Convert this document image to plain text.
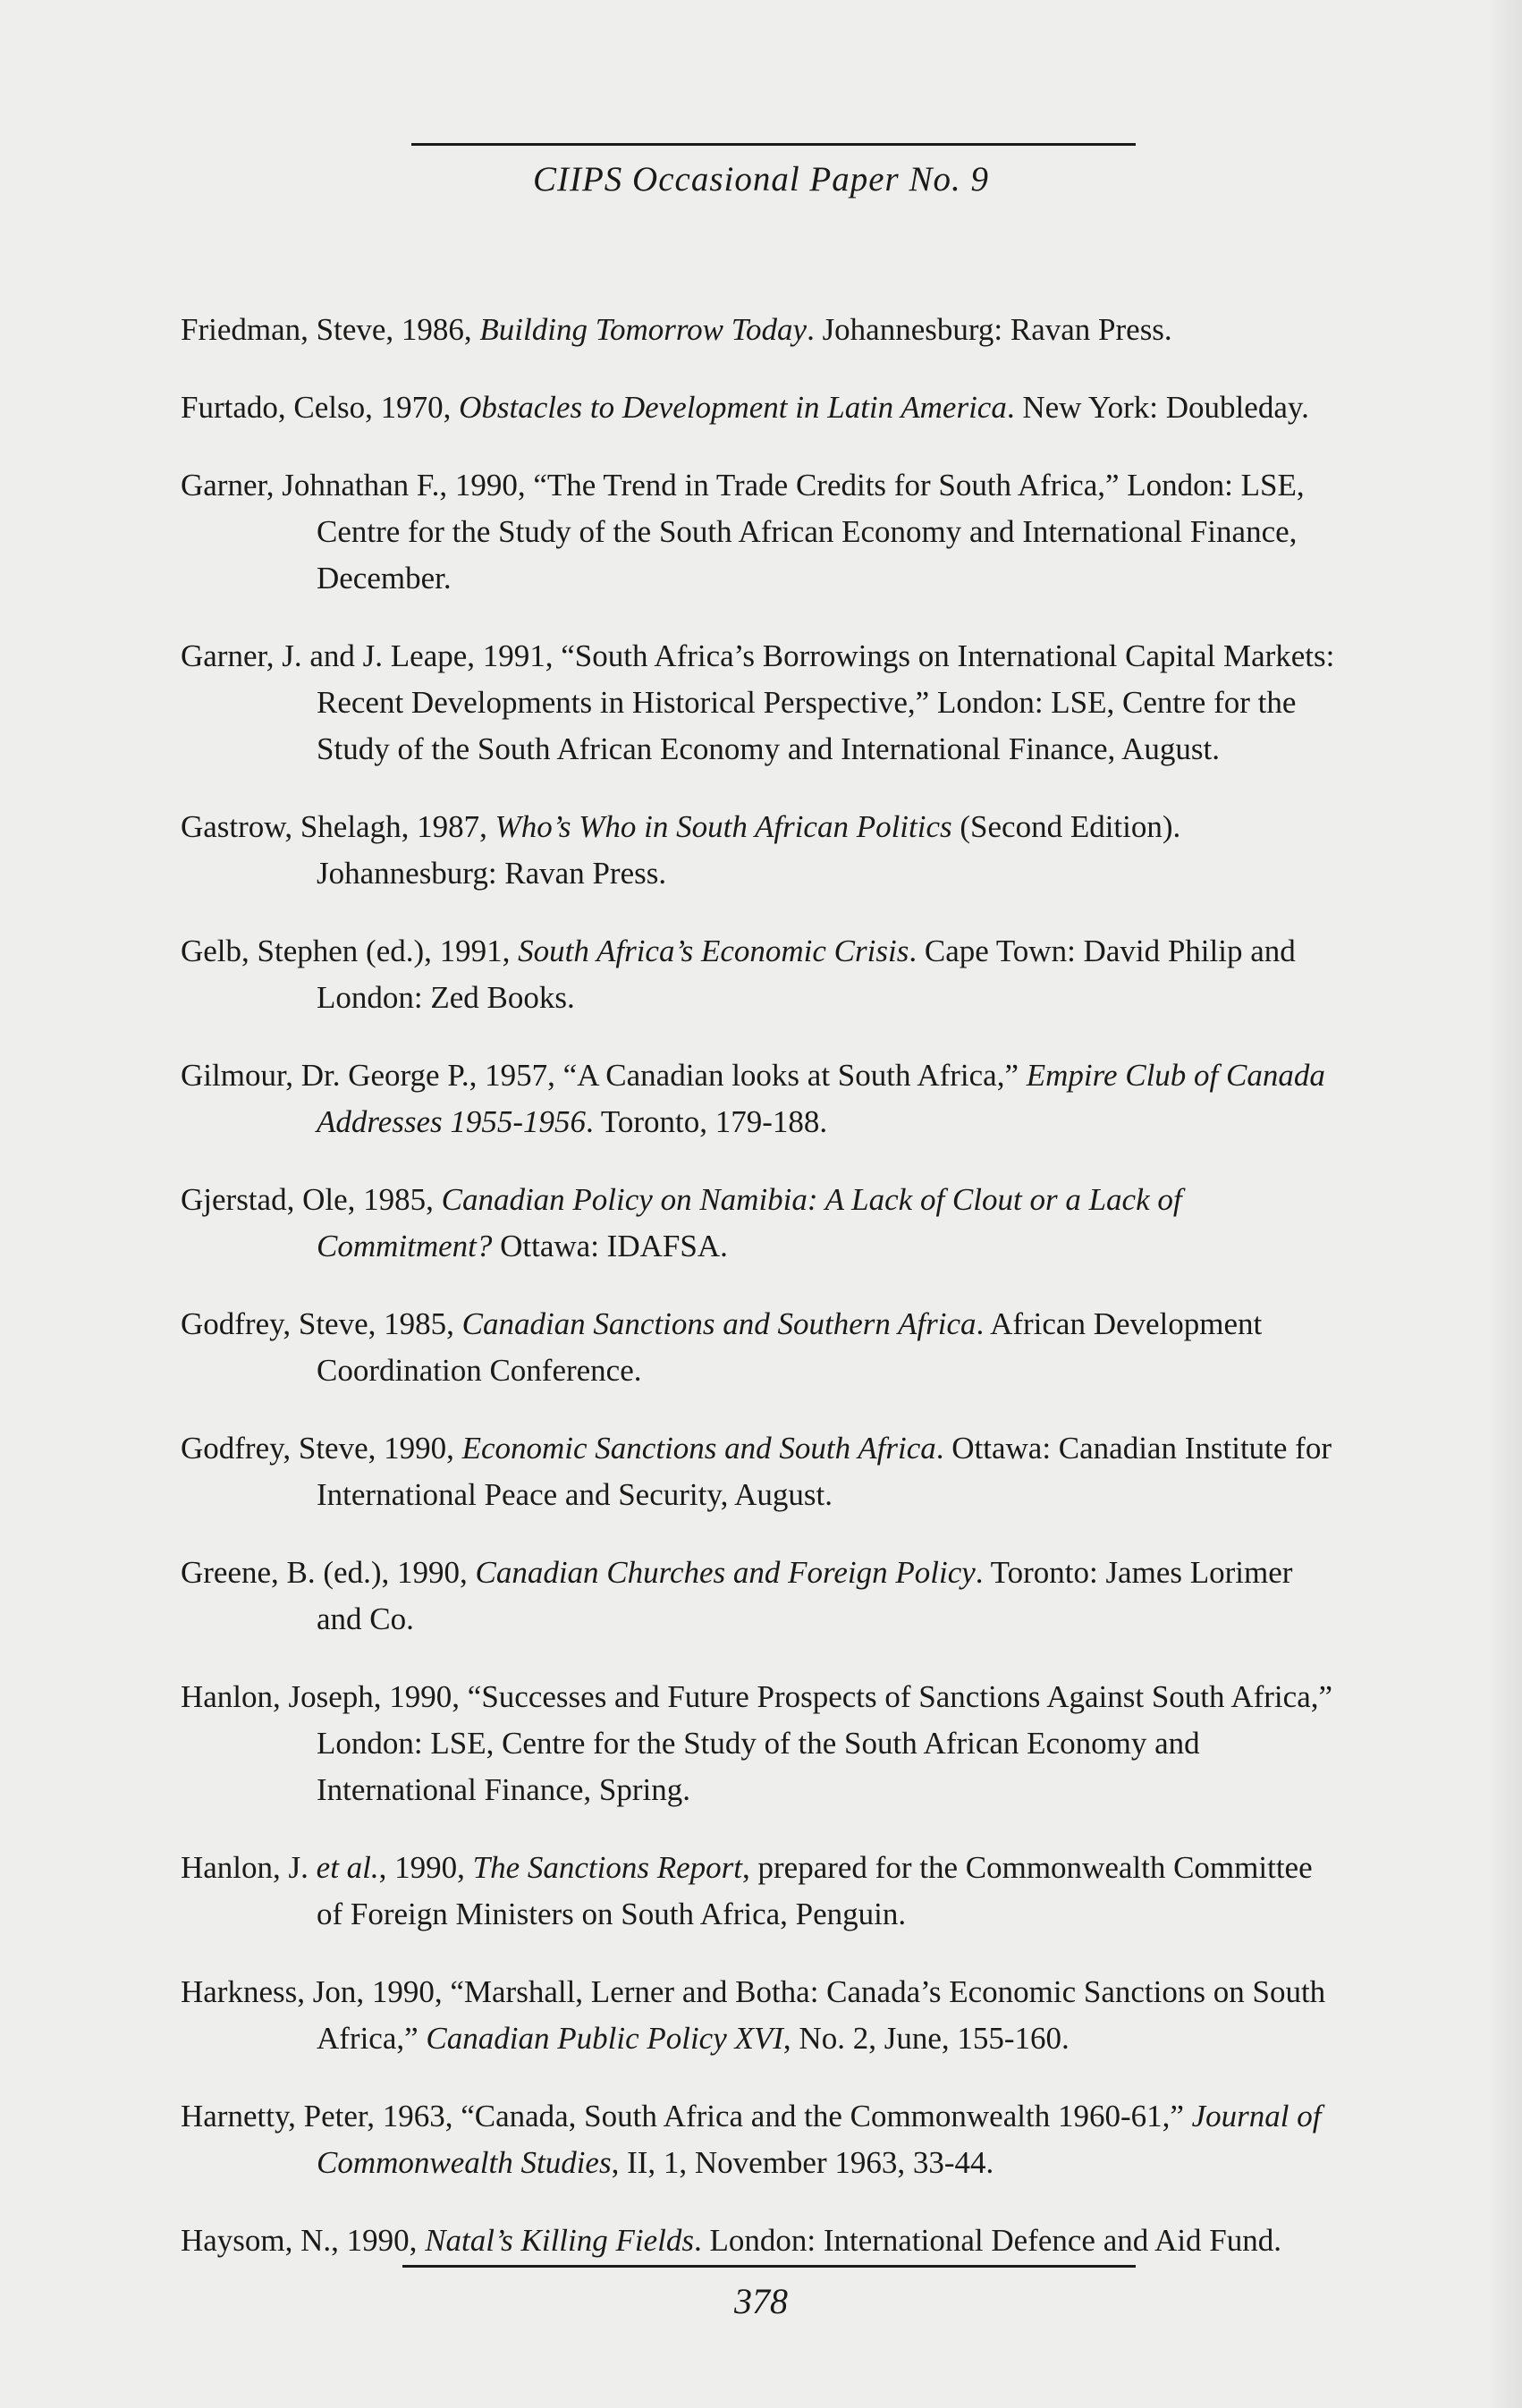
CIIPS Occasional Paper No. 9

Friedman, Steve, 1986, Building Tomorrow Today. Johannesburg: Ravan Press.

Furtado, Celso, 1970, Obstacles to Development in Latin America. New York: Doubleday.

Garner, Johnathan F., 1990, “The Trend in Trade Credits for South Africa,” London: LSE, Centre for the Study of the South African Economy and International Finance, December.

Garner, J. and J. Leape, 1991, “South Africa’s Borrowings on International Capital Markets: Recent Developments in Historical Perspective,” London: LSE, Centre for the Study of the South African Economy and International Finance, August.

Gastrow, Shelagh, 1987, Who’s Who in South African Politics (Second Edition). Johannesburg: Ravan Press.

Gelb, Stephen (ed.), 1991, South Africa’s Economic Crisis. Cape Town: David Philip and London: Zed Books.

Gilmour, Dr. George P., 1957, “A Canadian looks at South Africa,” Empire Club of Canada Addresses 1955-1956. Toronto, 179-188.

Gjerstad, Ole, 1985, Canadian Policy on Namibia: A Lack of Clout or a Lack of Commitment? Ottawa: IDAFSA.

Godfrey, Steve, 1985, Canadian Sanctions and Southern Africa. African Development Coordination Conference.

Godfrey, Steve, 1990, Economic Sanctions and South Africa. Ottawa: Canadian Institute for International Peace and Security, August.

Greene, B. (ed.), 1990, Canadian Churches and Foreign Policy. Toronto: James Lorimer and Co.

Hanlon, Joseph, 1990, “Successes and Future Prospects of Sanctions Against South Africa,” London: LSE, Centre for the Study of the South African Economy and International Finance, Spring.

Hanlon, J. et al., 1990, The Sanctions Report, prepared for the Commonwealth Committee of Foreign Ministers on South Africa, Penguin.

Harkness, Jon, 1990, “Marshall, Lerner and Botha: Canada’s Economic Sanctions on South Africa,” Canadian Public Policy XVI, No. 2, June, 155-160.

Harnetty, Peter, 1963, “Canada, South Africa and the Commonwealth 1960-61,” Journal of Commonwealth Studies, II, 1, November 1963, 33-44.

Haysom, N., 1990, Natal’s Killing Fields. London: International Defence and Aid Fund.

378
